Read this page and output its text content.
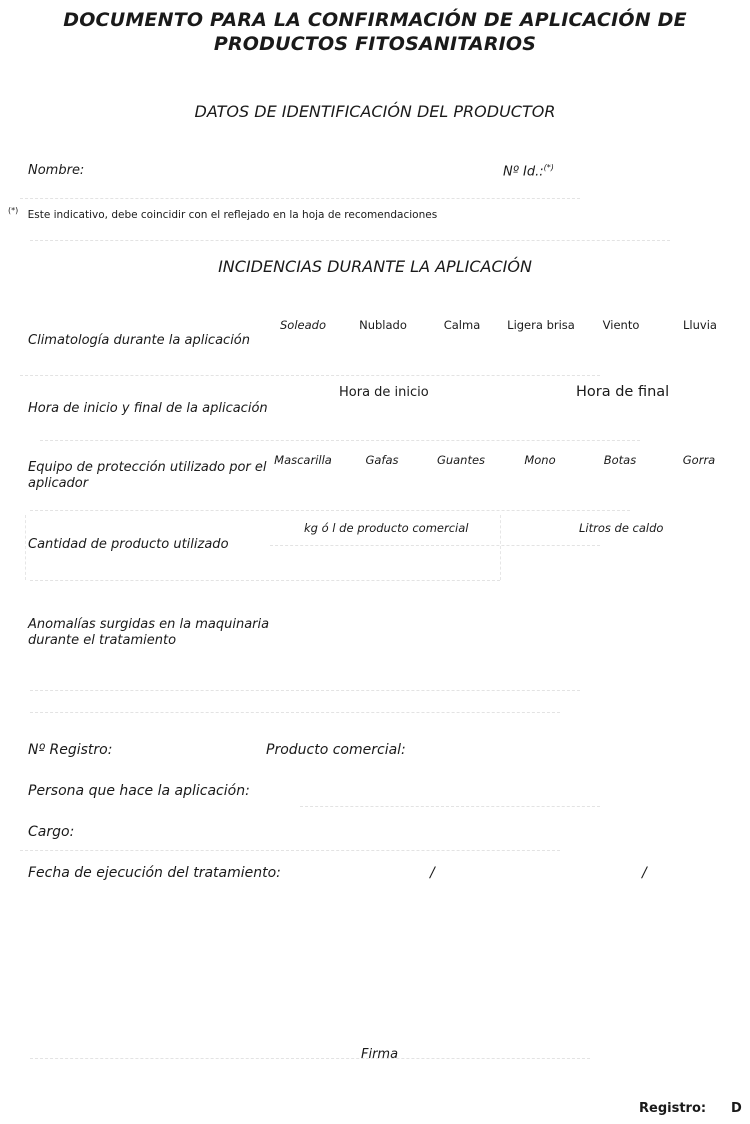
DOCUMENTO PARA LA CONFIRMACIÓN DE APLICACIÓN DE
PRODUCTOS FITOSANITARIOS
DATOS DE IDENTIFICACIÓN DEL PRODUCTOR
Nombre:	Nº Id.:(*)
(*) Este indicativo, debe coincidir con el reflejado en la hoja de recomendaciones
INCIDENCIAS DURANTE LA APLICACIÓN
Climatología durante la aplicación
Soleado	Nublado	Calma	Ligera brisa	Viento	Lluvia
Hora de inicio y final de la aplicación
Hora de inicio	Hora de final
Equipo de protección utilizado por el
aplicador
Mascarilla	Gafas	Guantes	Mono	Botas	Gorra
Cantidad de producto utilizado
kg ó l de producto comercial	Litros de caldo
Anomalías surgidas en la maquinaria
durante el tratamiento
Nº Registro:	Producto comercial:
Persona que hace la aplicación:
Cargo:
Fecha de ejecución del tratamiento:	/	/
Firma
Registro: D
